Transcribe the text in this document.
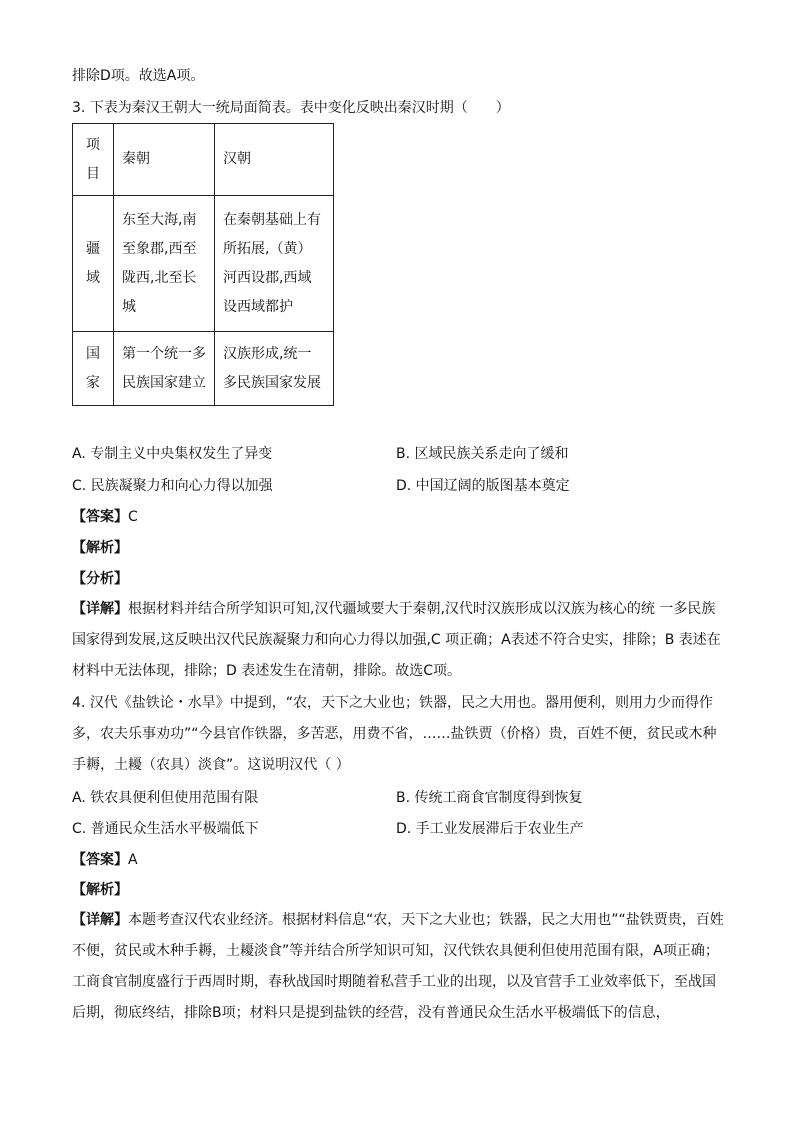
排除D项。故选A项。
3. 下表为秦汉王朝大一统局面简表。表中变化反映出秦汉时期（　　）
项目	秦朝	汉朝
疆域	东至大海,南至象郡,西至陇西,北至长城	在秦朝基础上有所拓展,（黄）河西设郡,西域设西域都护
国家	第一个统一多民族国家建立	汉族形成,统一多民族国家发展
A. 专制主义中央集权发生了异变	B. 区域民族关系走向了缓和
C. 民族凝聚力和向心力得以加强	D. 中国辽阔的版图基本奠定
【答案】C
【解析】
【分析】
【详解】根据材料并结合所学知识可知,汉代疆域要大于秦朝,汉代时汉族形成以汉族为核心的统 一多民族国家得到发展,这反映出汉代民族凝聚力和向心力得以加强,C 项正确；A表述不符合史实，排除；B 表述在材料中无法体现，排除；D 表述发生在清朝，排除。故选C项。
4. 汉代《盐铁论・水旱》中提到，“农，天下之大业也；铁器，民之大用也。器用便利，则用力少而得作多，农夫乐事劝功”“今县官作铁器，多苦恶，用费不省，……盐铁贾（价格）贵，百姓不便，贫民或木种手耨，土耰（农具）淡食”。这说明汉代（ ）
A. 铁农具便利但使用范围有限	B. 传统工商食官制度得到恢复
C. 普通民众生活水平极端低下	D. 手工业发展滞后于农业生产
【答案】A
【解析】
【详解】本题考查汉代农业经济。根据材料信息“农，天下之大业也；铁器，民之大用也”“盐铁贾贵，百姓不便，贫民或木种手耨，土耰淡食”等并结合所学知识可知，汉代铁农具便利但使用范围有限，A项正确；工商食官制度盛行于西周时期，春秋战国时期随着私营手工业的出现，以及官营手工业效率低下，至战国后期，彻底终结，排除B项；材料只是提到盐铁的经营，没有普通民众生活水平极端低下的信息，
